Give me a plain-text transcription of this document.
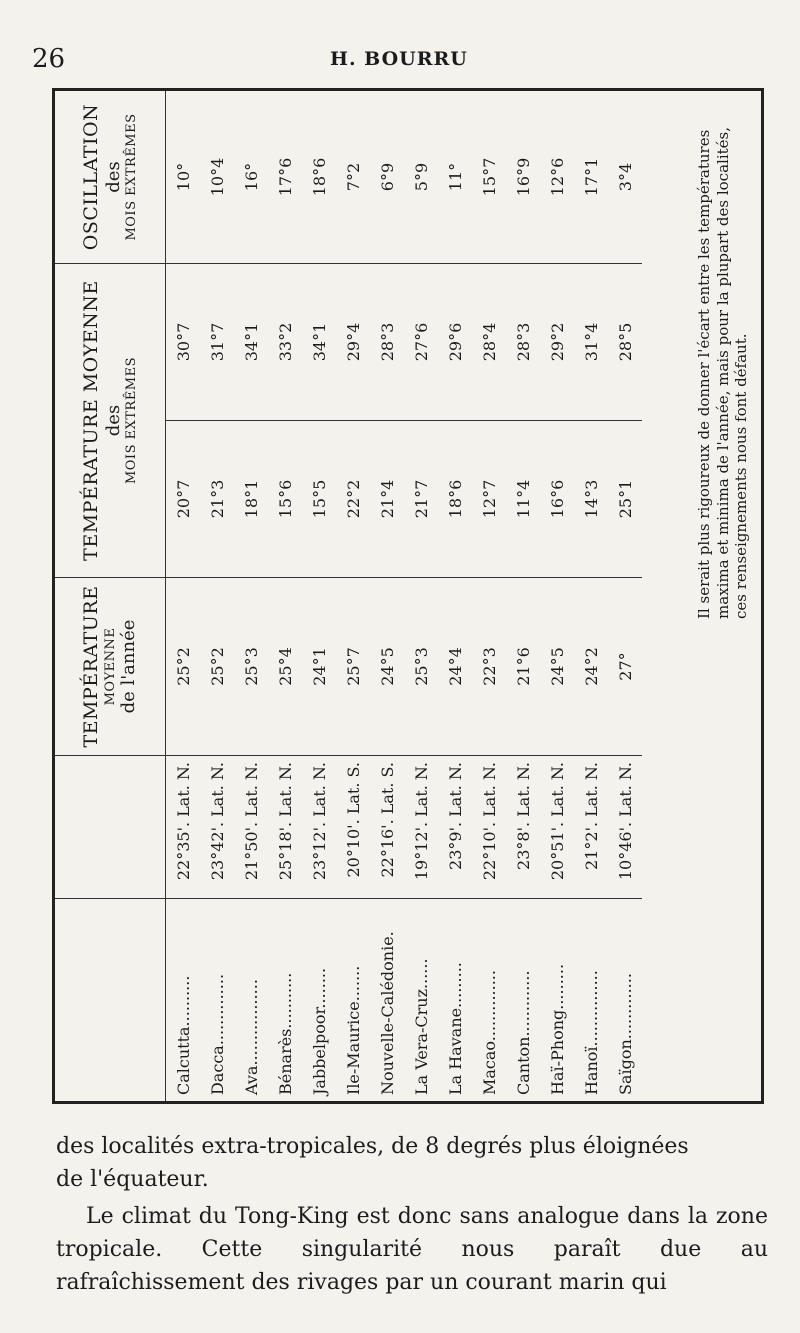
26	H. BOURRU

		TEMPÉRATURE MOYENNE de l'année	TEMPÉRATURE MOYENNE des MOIS EXTRÊMES		OSCILLATION des MOIS EXTRÊMES

Calcutta..........	22°35'. Lat. N.	25°2	20°7	30°7	10°
Dacca..............	23°42'. Lat. N.	25°2	21°3	31°7	10°4
Ava.................	21°50'. Lat. N.	25°3	18°1	34°1	16°
Bénarès...........	25°18'. Lat. N.	25°4	15°6	33°2	17°6
Jabbelpoor........	23°12'. Lat. N.	24°1	15°5	34°1	18°6
Ile-Maurice.......	20°10'. Lat. S.	25°7	22°2	29°4	7°2
Nouvelle-Calédonie.	22°16'. Lat. S.	24°5	21°4	28°3	6°9
La Vera-Cruz......	19°12'. Lat. N.	25°3	21°7	27°6	5°9
La Havane.........	23°9'. Lat. N.	24°4	18°6	29°6	11°
Macao..............	22°10'. Lat. N.	22°3	12°7	28°4	15°7
Canton.............	23°8'. Lat. N.	21°6	11°4	28°3	16°9
Haï-Phong.........	20°51'. Lat. N.	24°5	16°6	29°2	12°6
Hanoï...............	21°2'. Lat. N.	24°2	14°3	31°4	17°1
Saïgon.............	10°46'. Lat. N.	27°	25°1	28°5	3°4	Il serait plus rigoureux de donner l'écart entre les températures maxima et minima de l'année, mais pour la plupart des localités, ces renseignements nous font défaut.
des localités extra-tropicales, de 8 degrés plus éloignées
de l'équateur.
Le climat du Tong-King est donc sans analogue dans la zone tropicale. Cette singularité nous paraît due au rafraîchissement des rivages par un courant marin qui
